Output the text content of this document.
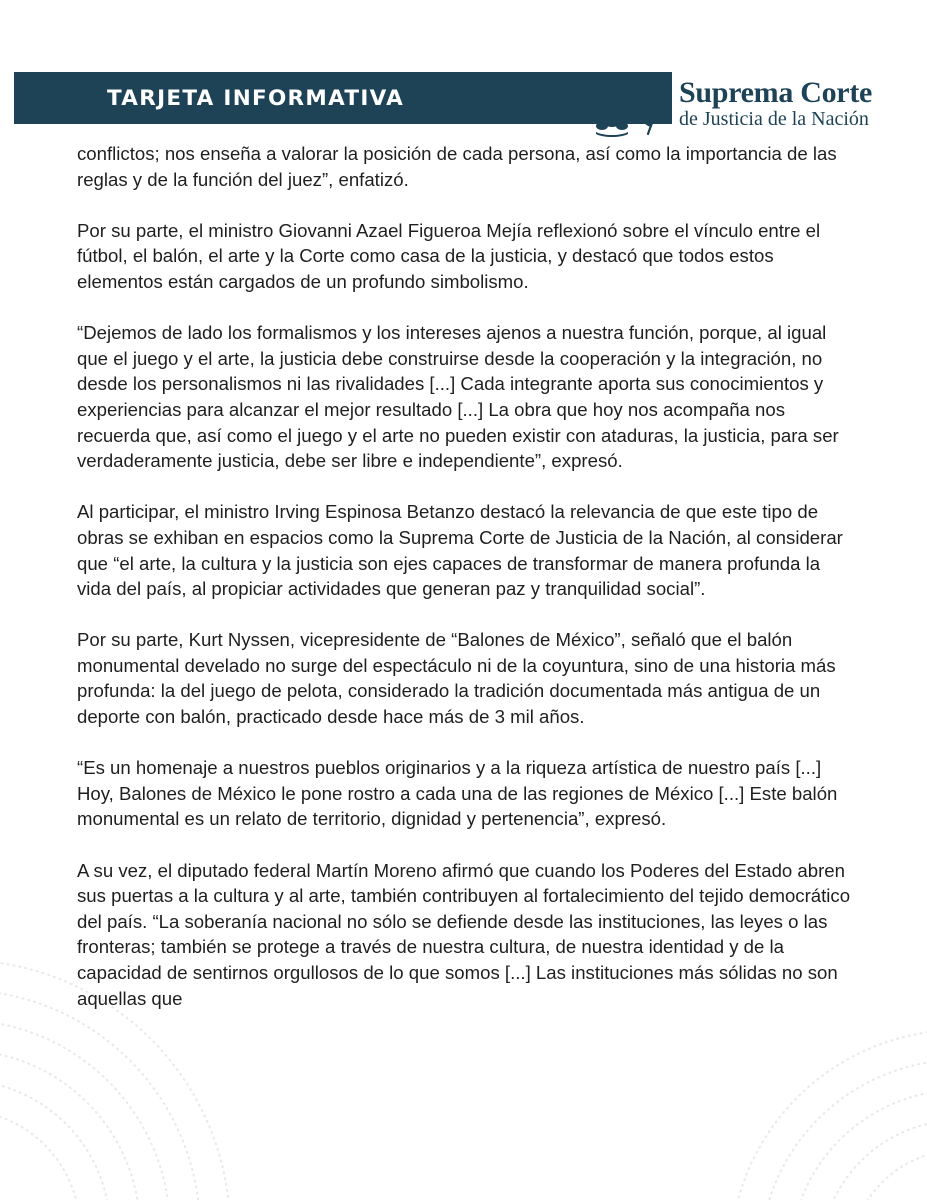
TARJETA INFORMATIVA	Suprema Corte
de Justicia de la Nación

conflictos; nos enseña a valorar la posición de cada persona, así como la importancia de las reglas y de la función del juez”, enfatizó.

Por su parte, el ministro Giovanni Azael Figueroa Mejía reflexionó sobre el vínculo entre el fútbol, el balón, el arte y la Corte como casa de la justicia, y destacó que todos estos elementos están cargados de un profundo simbolismo.

“Dejemos de lado los formalismos y los intereses ajenos a nuestra función, porque, al igual que el juego y el arte, la justicia debe construirse desde la cooperación y la integración, no desde los personalismos ni las rivalidades [...] Cada integrante aporta sus conocimientos y experiencias para alcanzar el mejor resultado [...] La obra que hoy nos acompaña nos recuerda que, así como el juego y el arte no pueden existir con ataduras, la justicia, para ser verdaderamente justicia, debe ser libre e independiente”, expresó.

Al participar, el ministro Irving Espinosa Betanzo destacó la relevancia de que este tipo de obras se exhiban en espacios como la Suprema Corte de Justicia de la Nación, al considerar que “el arte, la cultura y la justicia son ejes capaces de transformar de manera profunda la vida del país, al propiciar actividades que generan paz y tranquilidad social”.

Por su parte, Kurt Nyssen, vicepresidente de “Balones de México”, señaló que el balón monumental develado no surge del espectáculo ni de la coyuntura, sino de una historia más profunda: la del juego de pelota, considerado la tradición documentada más antigua de un deporte con balón, practicado desde hace más de 3 mil años.

“Es un homenaje a nuestros pueblos originarios y a la riqueza artística de nuestro país [...] Hoy, Balones de México le pone rostro a cada una de las regiones de México [...] Este balón monumental es un relato de territorio, dignidad y pertenencia”, expresó.

A su vez, el diputado federal Martín Moreno afirmó que cuando los Poderes del Estado abren sus puertas a la cultura y al arte, también contribuyen al fortalecimiento del tejido democrático del país. “La soberanía nacional no sólo se defiende desde las instituciones, las leyes o las fronteras; también se protege a través de nuestra cultura, de nuestra identidad y de la capacidad de sentirnos orgullosos de lo que somos [...] Las instituciones más sólidas no son aquellas que
